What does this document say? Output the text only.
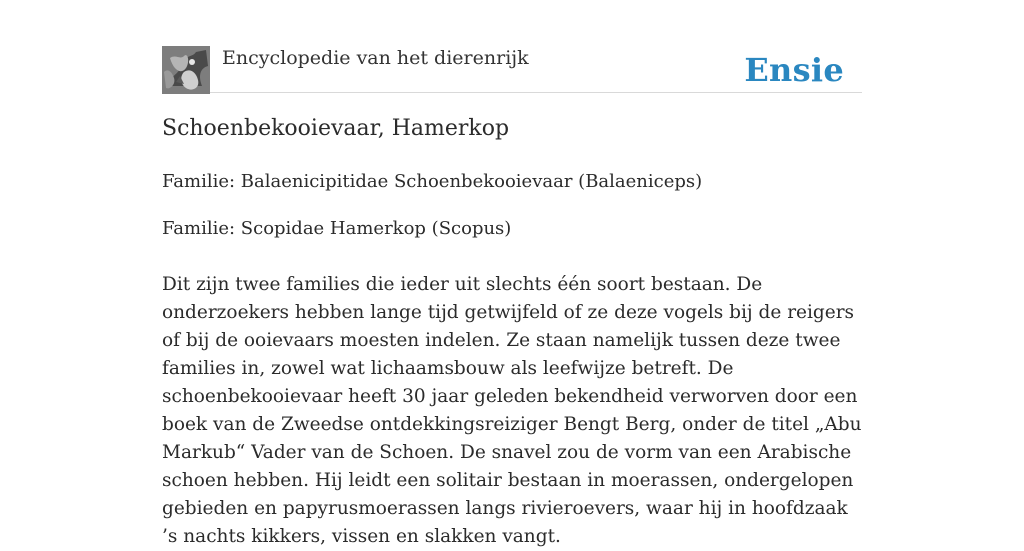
Encyclopedie van het dierenrijk	Ensie
Schoenbekooievaar, Hamerkop
Familie: Balaenicipitidae Schoenbekooievaar (Balaeniceps)
Familie: Scopidae Hamerkop (Scopus)

Dit zijn twee families die ieder uit slechts één soort bestaan. De onderzoekers hebben lange tijd getwijfeld of ze deze vogels bij de reigers of bij de ooievaars moesten indelen. Ze staan namelijk tussen deze twee families in, zowel wat lichaamsbouw als leefwijze betreft. De schoenbekooievaar heeft 30 jaar geleden bekendheid verworven door een boek van de Zweedse ontdekkingsreiziger Bengt Berg, onder de titel „Abu Markub“ Vader van de Schoen. De snavel zou de vorm van een Arabische schoen hebben. Hij leidt een solitair bestaan in moerassen, ondergelopen gebieden en papyrusmoerassen langs rivieroevers, waar hij in hoofdzaak ’s nachts kikkers, vissen en slakken vangt.
